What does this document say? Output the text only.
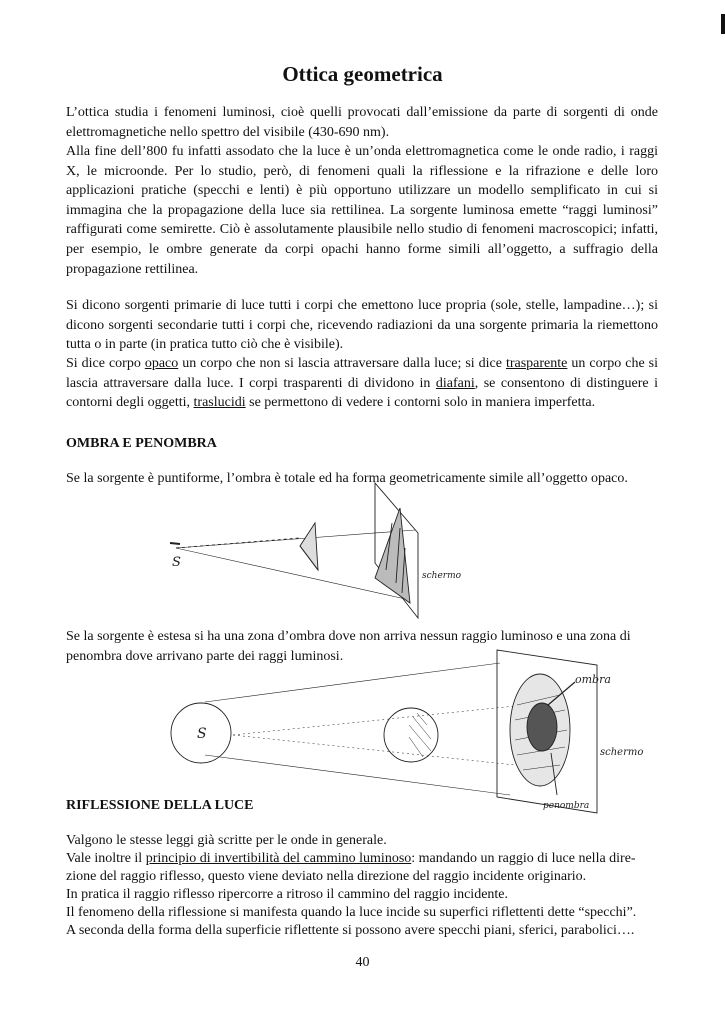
Ottica geometrica

L’ottica studia i fenomeni luminosi, cioè quelli provocati dall’emissione da parte di sorgenti di onde elettromagnetiche nello spettro del visibile (430-690 nm).

Alla fine dell’800 fu infatti assodato che la luce è un’onda elettromagnetica come le onde radio, i raggi X, le microonde. Per lo studio, però, di fenomeni quali la riflessione e la rifrazione e delle loro applicazioni pratiche (specchi e lenti) è più opportuno utilizzare un modello semplificato in cui si immagina che la propagazione della luce sia rettilinea. La sorgente luminosa emette “raggi luminosi” raffigurati come semirette. Ciò è assolutamente plausibile nello studio di fenomeni macroscopici; infatti, per esempio, le ombre generate da corpi opachi hanno forme simili all’oggetto, a suffragio della propagazione rettilinea.

Si dicono sorgenti primarie di luce tutti i corpi che emettono luce propria (sole, stelle, lampadine…); si dicono sorgenti secondarie tutti i corpi che, ricevendo radiazioni da una sorgente primaria la riemettono tutta o in parte (in pratica tutto ciò che è visibile).

Si dice corpo opaco un corpo che non si lascia attraversare dalla luce; si dice trasparente un corpo che si lascia attraversare dalla luce. I corpi trasparenti di dividono in diafani, se consentono di distinguere i contorni degli oggetti, traslucidi se permettono di vedere i contorni solo in maniera imperfetta.

OMBRA E PENOMBRA

Se la sorgente è puntiforme, l’ombra è totale ed ha forma geometricamente simile all’oggetto opaco.

S
schermo

Se la sorgente è estesa si ha una zona d’ombra dove non arriva nessun raggio luminoso e una zona di penombra dove arrivano parte dei raggi luminosi.

S
ombra
schermo
penombra
RIFLESSIONE DELLA LUCE

Valgono le stesse leggi già scritte per le onde in generale.

Vale inoltre il principio di invertibilità del cammino luminoso: mandando un raggio di luce nella dire-

zione del raggio riflesso, questo viene deviato nella direzione del raggio incidente originario.

In pratica il raggio riflesso ripercorre a ritroso il cammino del raggio incidente.

Il fenomeno della riflessione si manifesta quando la luce incide su superfici riflettenti dette “specchi”.

A seconda della forma della superficie riflettente si possono avere specchi piani, sferici, parabolici….

40
